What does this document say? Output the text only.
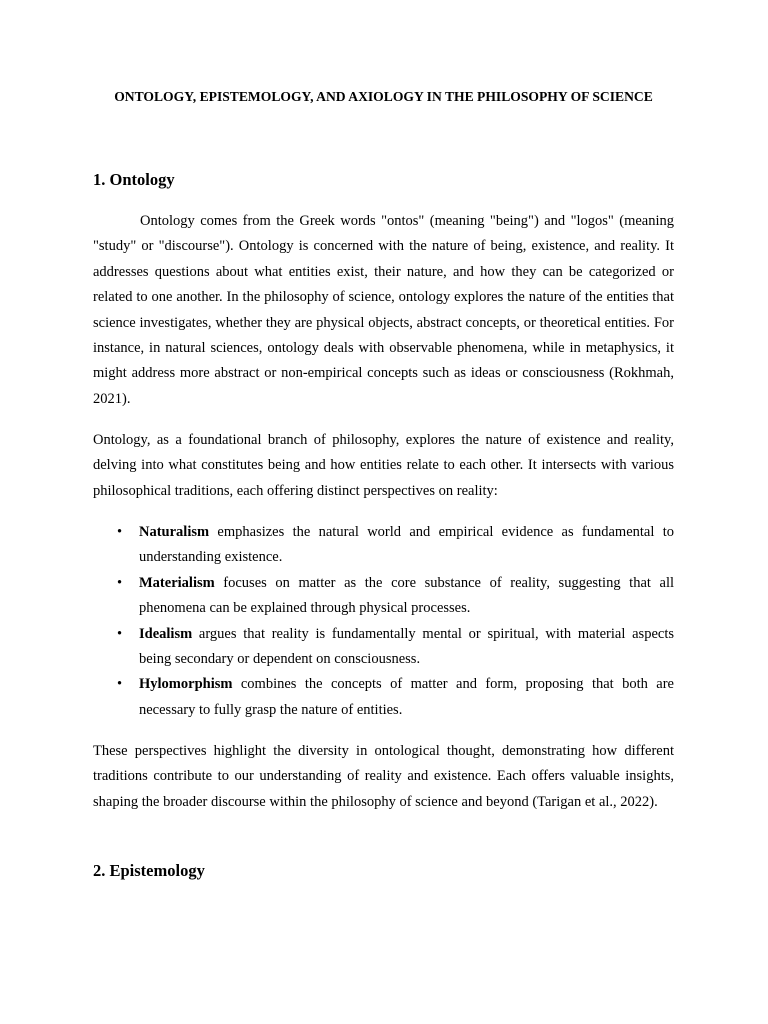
ONTOLOGY, EPISTEMOLOGY, AND AXIOLOGY IN THE PHILOSOPHY OF SCIENCE
1. Ontology

Ontology comes from the Greek words "ontos" (meaning "being") and "logos" (meaning "study" or "discourse"). Ontology is concerned with the nature of being, existence, and reality. It addresses questions about what entities exist, their nature, and how they can be categorized or related to one another. In the philosophy of science, ontology explores the nature of the entities that science investigates, whether they are physical objects, abstract concepts, or theoretical entities. For instance, in natural sciences, ontology deals with observable phenomena, while in metaphysics, it might address more abstract or non-empirical concepts such as ideas or consciousness (Rokhmah, 2021).

Ontology, as a foundational branch of philosophy, explores the nature of existence and reality, delving into what constitutes being and how entities relate to each other. It intersects with various philosophical traditions, each offering distinct perspectives on reality:

• Naturalism emphasizes the natural world and empirical evidence as fundamental to understanding existence.
• Materialism focuses on matter as the core substance of reality, suggesting that all phenomena can be explained through physical processes.
• Idealism argues that reality is fundamentally mental or spiritual, with material aspects being secondary or dependent on consciousness.
• Hylomorphism combines the concepts of matter and form, proposing that both are necessary to fully grasp the nature of entities.

These perspectives highlight the diversity in ontological thought, demonstrating how different traditions contribute to our understanding of reality and existence. Each offers valuable insights, shaping the broader discourse within the philosophy of science and beyond (Tarigan et al., 2022).

2. Epistemology
